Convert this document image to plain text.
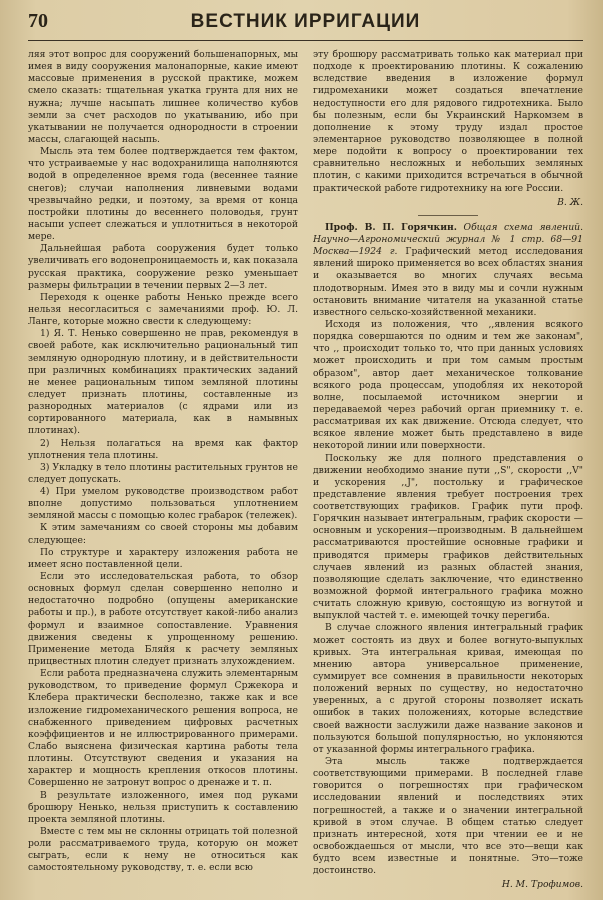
70	ВЕСТНИК ИРРИГАЦИИ

ляя этот вопрос для сооружений большенапорных, мы имея в виду сооружения малонапорные, какие имеют массовые применения в русской практике, можем смело сказать: тщательная укатка грунта для них не нужна; лучше насыпать лишнее количество кубов земли за счет расходов по укатыванию, ибо при укатывании не получается однородности в строении массы, слагающей насыпь.

Мысль эта тем более подтверждается тем фактом, что устраиваемые у нас водохранилища наполняются водой в определенное время года (весеннее таяние снегов); случаи наполнения ливневыми водами чрезвычайно редки, и поэтому, за время от конца постройки плотины до весеннего половодья, грунт насыпи успеет слежаться и уплотниться в некоторой мере.

Дальнейшая работа сооружения будет только увеличивать его водонепроницаемость и, как показала русская практика, сооружение резко уменьшает размеры фильтрации в течении первых 2—3 лет.

Переходя к оценке работы Ненько прежде всего нельзя несогласиться с замечаниями проф. Ю. Л. Ланге, которые можно свести к следующему:

1) Я. Т. Ненько совершенно не прав, рекомендуя в своей работе, как исключительно рациональный тип земляную однородную плотину, и в действительности при различных комбинациях практических заданий не менее рациональным типом земляной плотины следует признать плотины, составленные из разнородных материалов (с ядрами или из сортированного материала, как в намывных плотинах).

2) Нельзя полагаться на время как фактор уплотнения тела плотины.

3) Укладку в тело плотины растительных грунтов не следует допускать.

4) При умелом руководстве производством работ вполне допустимо пользоваться уплотнением земляной массы с помощью колес грабарок (тележек).

К этим замечаниям со своей стороны мы добавим следующее:

По структуре и характеру изложения работа не имеет ясно поставленной цели.

Если это исследовательская работа, то обзор основных формул сделан совершенно неполно и недостаточно подробно (опущены американские работы и пр.), в работе отсутствует какой-либо анализ формул и взаимное сопоставление. Уравнения движения сведены к упрощенному решению. Применение метода Бляйя к расчету земляных прицвестных плотин следует признать злухождением.

Если работа предназначена служить элементарным руководством, то приведение формул Сржекора и Клебера практически бесполезно, также как и все изложение гидромеханического решения вопроса, не снабженного приведением цифровых расчетных коэффициентов и не иллюстрированного примерами. Слабо выяснена физическая картина работы тела плотины. Отсутствуют сведения и указания на характер и мощность крепления откосов плотины. Совершенно не затронут вопрос о дренаже и т. п.

В результате изложенного, имея под руками брошюру Ненько, нельзя приступить к составлению проекта земляной плотины.

Вместе с тем мы не склонны отрицать той полезной роли рассматриваемого труда, которую он может сыграть, если к нему не относиться как самостоятельному руководству, т. е. если всю

эту брошюру рассматривать только как материал при подходе к проектированию плотины. К сожалению вследствие введения в изложение формул гидромеханики может создаться впечатление недоступности его для рядового гидротехника. Было бы полезным, если бы Украинский Наркомзем в дополнение к этому труду издал простое элементарное руководство позволяющее в полной мере подойти к вопросу о проектировании тех сравнительно несложных и небольших земляных плотин, с какими приходится встречаться в обычной практической работе гидротехнику на юге России.

В. Ж.

Проф. В. П. Горячкин. Общая схема явлений. Научно—Агрономический журнал № 1 стр. 68—91 Москва—1924 г. Графический метод исследования явлений широко применяется во всех областях знания и оказывается во многих случаях весьма плодотворным. Имея это в виду мы и сочли нужным остановить внимание читателя на указанной статье известного сельско-хозяйственной механики.

Исходя из положения, что ,,явления всякого порядка совершаются по одним и тем же законам", что ,, происходит только то, что при данных условиях может происходить и при том самым простым образом", автор дает механическое толкование всякого рода процессам, уподобляя их некоторой волне, посылаемой источником энергии и передаваемой через рабочий орган приемнику т. е. рассматривая их как движение. Отсюда следует, что всякое явление может быть представлено в виде некоторой линии или поверхности.

Поскольку же для полного представления о движении необходимо знание пути ,,S", скорости ,,V" и ускорения ,,J", постольку и графическое представление явления требует построения трех соответствующих графиков. График пути проф. Горячкин называет интегральным, график скорости —основным и ускорения—производным. В дальнейшем рассматриваются простейшие основные графики и приводятся примеры графиков действительных случаев явлений из разных областей знания, позволяющие сделать заключение, что единственно возможной формой интегрального графика можно считать сложную кривую, состоящую из вогнутой и выпуклой частей т. е. имеющей точку перегиба.

В случае сложного явления интегральный график может состоять из двух и более вогнуто-выпуклых кривых. Эта интегральная кривая, имеющая по мнению автора универсальное применение, суммирует все сомнения в правильности некоторых положений верных по существу, но недостаточно уверенных, а с другой стороны позволяет искать ошибок в таких положениях, которые вследствие своей важности заслужили даже название законов и пользуются большой популярностью, но уклоняются от указанной формы интегрального графика.

Эта мысль также подтверждается соответствующими примерами. В последней главе говорится о погрешностях при графическом исследовании явлений и последствиях этих погрешностей, а также и о значении интегральной кривой в этом случае. В общем статью следует признать интересной, хотя при чтении ее и не освобождаешься от мысли, что все это—вещи как будто всем известные и понятные. Это—тоже достоинство.

Н. М. Трофимов.
